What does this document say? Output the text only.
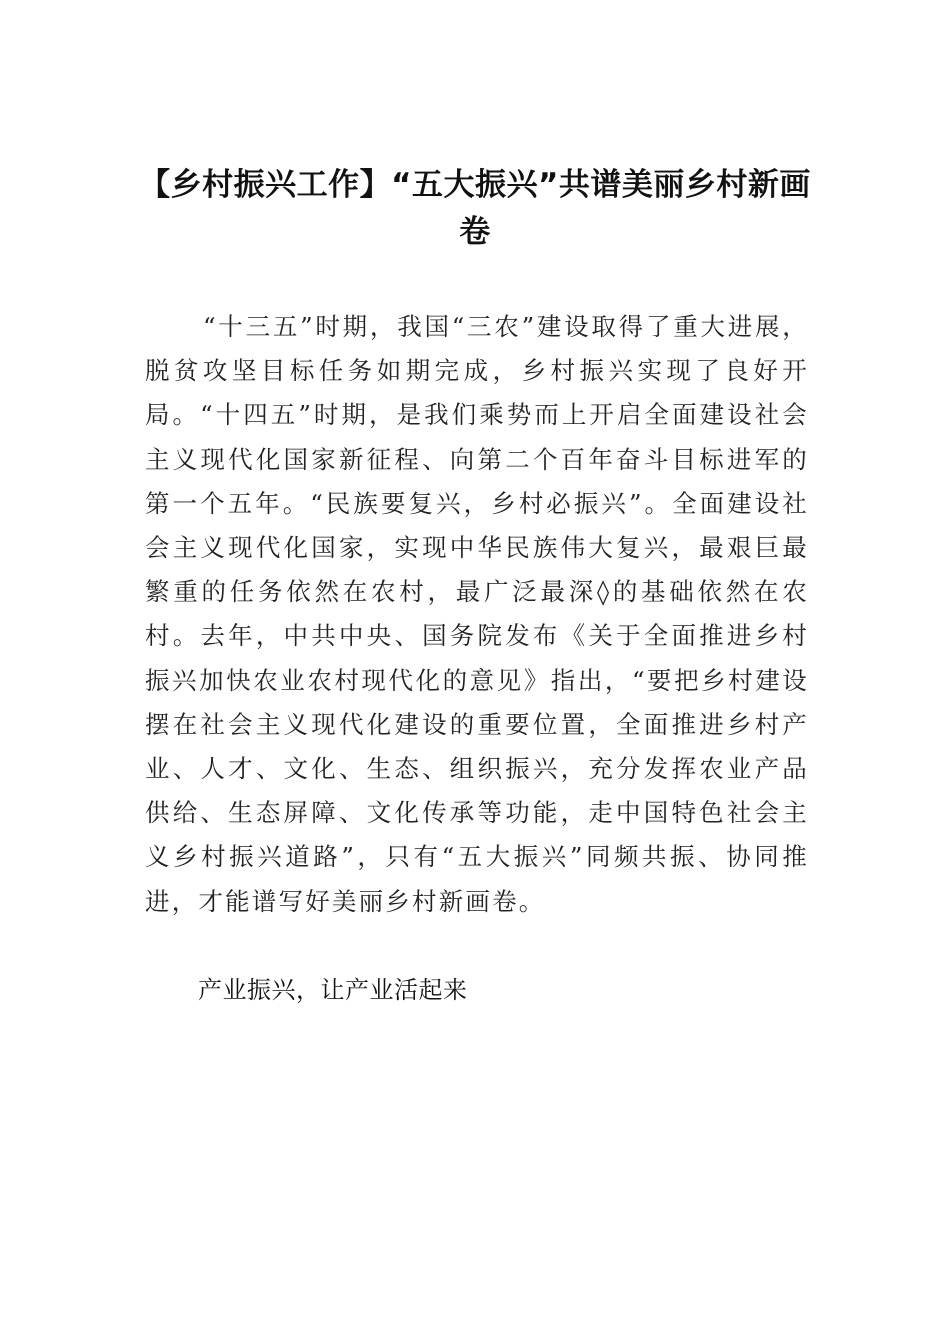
【乡村振兴工作】“五大振兴”共谱美丽乡村新画卷

“十三五”时期，我国“三农”建设取得了重大进展，脱贫攻坚目标任务如期完成，乡村振兴实现了良好开局。“十四五”时期，是我们乘势而上开启全面建设社会主义现代化国家新征程、向第二个百年奋斗目标进军的第一个五年。“民族要复兴，乡村必振兴”。全面建设社会主义现代化国家，实现中华民族伟大复兴，最艰巨最繁重的任务依然在农村，最广泛最深◊的基础依然在农村。去年，中共中央、国务院发布《关于全面推进乡村振兴加快农业农村现代化的意见》指出，“要把乡村建设摆在社会主义现代化建设的重要位置，全面推进乡村产业、人才、文化、生态、组织振兴，充分发挥农业产品供给、生态屏障、文化传承等功能，走中国特色社会主义乡村振兴道路”，只有“五大振兴”同频共振、协同推进，才能谱写好美丽乡村新画卷。

产业振兴，让产业活起来
